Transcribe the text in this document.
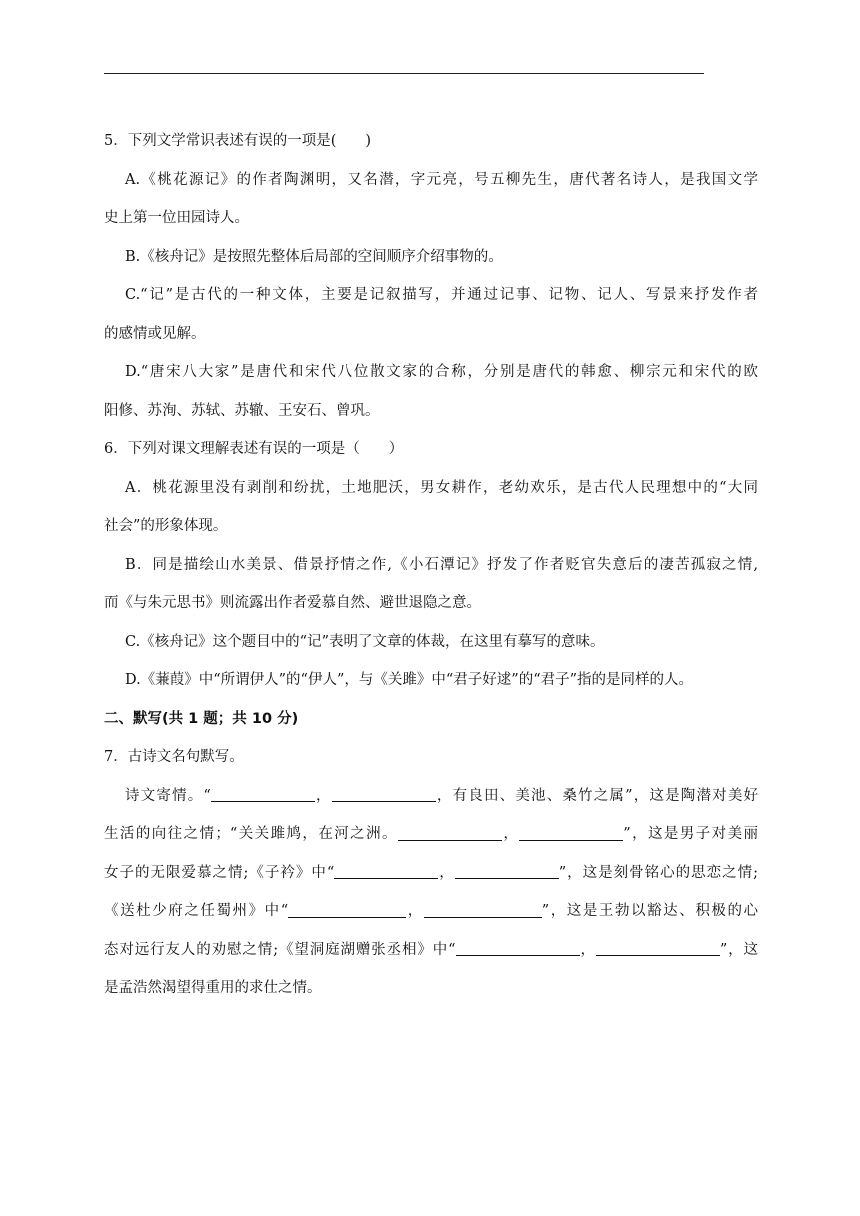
5．下列文学常识表述有误的一项是(　　)
A.《桃花源记》的作者陶渊明，又名潜，字元亮，号五柳先生，唐代著名诗人，是我国文学
史上第一位田园诗人。
B.《核舟记》是按照先整体后局部的空间顺序介绍事物的。
C.“记”是古代的一种文体，主要是记叙描写，并通过记事、记物、记人、写景来抒发作者
的感情或见解。
D.“唐宋八大家”是唐代和宋代八位散文家的合称，分别是唐代的韩愈、柳宗元和宋代的欧
阳修、苏洵、苏轼、苏辙、王安石、曾巩。
6．下列对课文理解表述有误的一项是（　　）
A．桃花源里没有剥削和纷扰，土地肥沃，男女耕作，老幼欢乐，是古代人民理想中的“大同
社会”的形象体现。
B．同是描绘山水美景、借景抒情之作,《小石潭记》抒发了作者贬官失意后的凄苦孤寂之情,
而《与朱元思书》则流露出作者爱慕自然、避世退隐之意。
C.《核舟记》这个题目中的“记”表明了文章的体裁，在这里有摹写的意味。
D.《蒹葭》中“所谓伊人”的“伊人”，与《关雎》中“君子好逑”的“君子”指的是同样的人。
二、默写(共 1 题；共 10 分)
7．古诗文名句默写。
诗文寄情。“	，	，有良田、美池、桑竹之属”，这是陶潜对美好
生活的向往之情；“关关雎鸠，在河之洲。	，	”，这是男子对美丽
女子的无限爱慕之情;《子衿》中“	，	”，这是刻骨铭心的思恋之情;
《送杜少府之任蜀州》中“	，	”，这是王勃以豁达、积极的心
态对远行友人的劝慰之情;《望洞庭湖赠张丞相》中“	，	”，这
是孟浩然渴望得重用的求仕之情。
